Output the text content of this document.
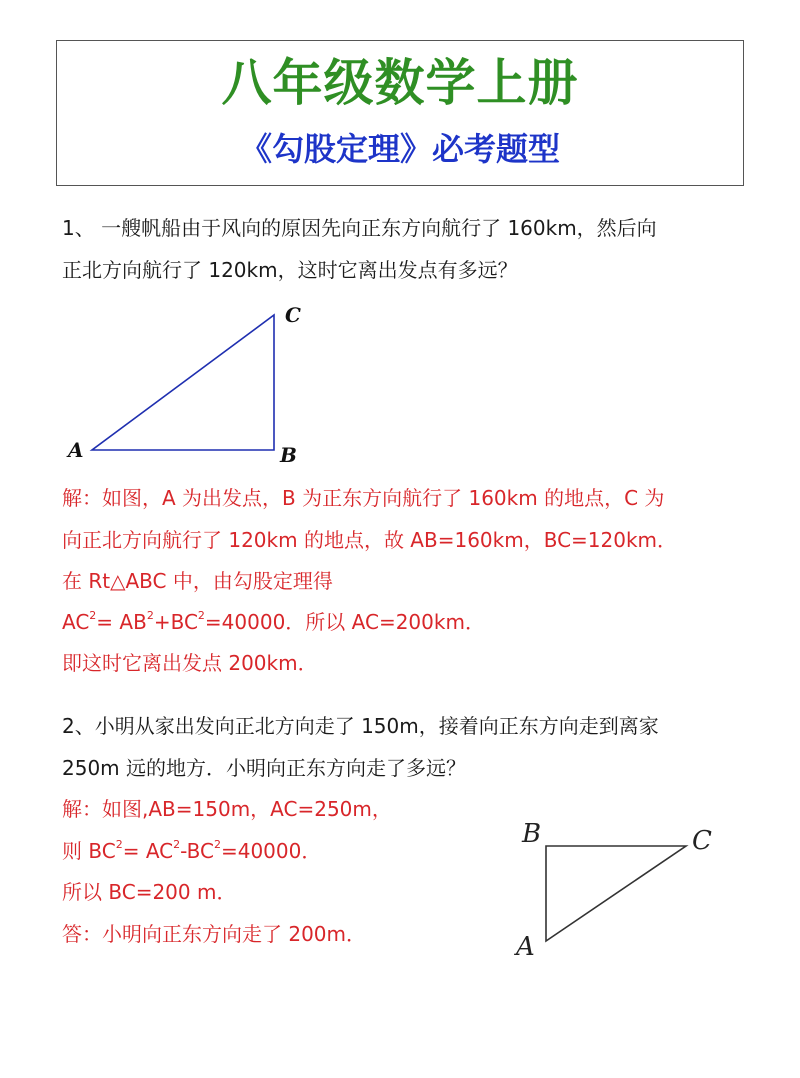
八年级数学上册
《勾股定理》必考题型
1、 一艘帆船由于风向的原因先向正东方向航行了 160km，然后向
正北方向航行了 120km，这时它离出发点有多远？
A	B
C
解：如图，A 为出发点，B 为正东方向航行了 160km 的地点，C 为
向正北方向航行了 120km 的地点，故 AB=160km，BC=120km．
在 Rt△ABC 中，由勾股定理得
$AC^2= AB^2+BC^2=40000$．所以 AC=200km．
即这时它离出发点 200km．
2、小明从家出发向正北方向走了 150m，接着向正东方向走到离家
250m 远的地方．小明向正东方向走了多远？
解：如图,AB=150m，AC=250m，
则 $BC^2= AC^2-BC^2=40000$．
所以 BC=200 m．
答：小明向正东方向走了 200m．
B	C
A
